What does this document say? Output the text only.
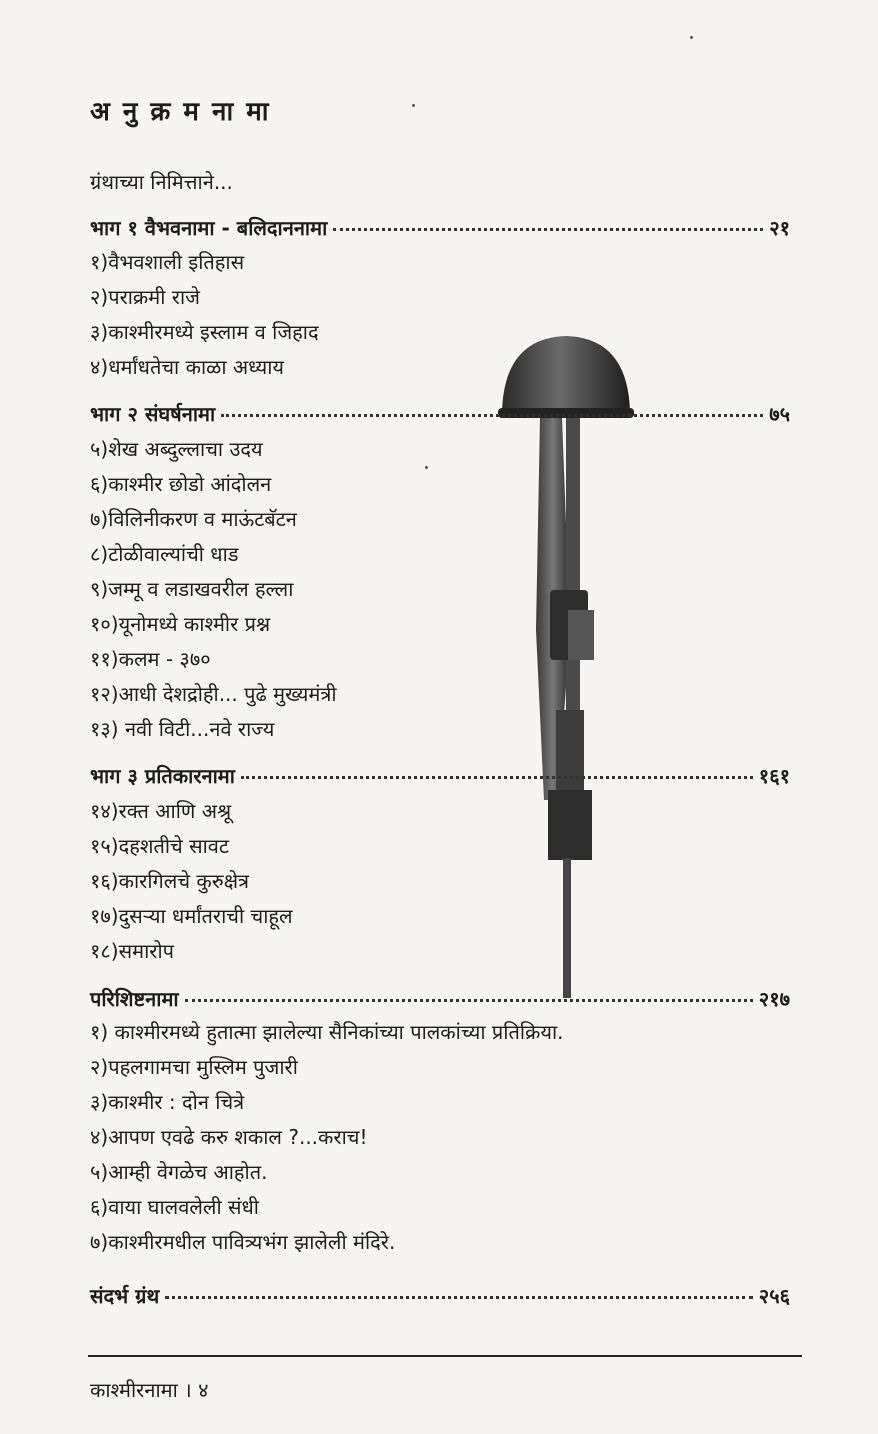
अ नु क्र म ना मा
ग्रंथाच्या निमित्ताने...
भाग १ वैभवनामा - बलिदाननामा	२१
१)वैभवशाली इतिहास
२)पराक्रमी राजे
३)काश्मीरमध्ये इस्लाम व जिहाद
४)धर्मांधतेचा काळा अध्याय
भाग २ संघर्षनामा	७५
५)शेख अब्दुल्लाचा उदय
६)काश्मीर छोडो आंदोलन
७)विलिनीकरण व माऊंटबॅटन
८)टोळीवाल्यांची धाड
९)जम्मू व लडाखवरील हल्ला
१०)यूनोमध्ये काश्मीर प्रश्न
११)कलम - ३७०
१२)आधी देशद्रोही... पुढे मुख्यमंत्री
१३) नवी विटी...नवे राज्य
भाग ३ प्रतिकारनामा	१६१
१४)रक्त आणि अश्रू
१५)दहशतीचे सावट
१६)कारगिलचे कुरुक्षेत्र
१७)दुसऱ्या धर्मांतराची चाहूल
१८)समारोप
परिशिष्टनामा	२१७
१) काश्मीरमध्ये हुतात्मा झालेल्या सैनिकांच्या पालकांच्या प्रतिक्रिया.
२)पहलगामचा मुस्लिम पुजारी
३)काश्मीर : दोन चित्रे
४)आपण एवढे करु शकाल ?...कराच!
५)आम्ही वेगळेच आहोत.
६)वाया घालवलेली संधी
७)काश्मीरमधील पावित्र्यभंग झालेली मंदिरे.
संदर्भ ग्रंथ	२५६
काश्मीरनामा । ४
